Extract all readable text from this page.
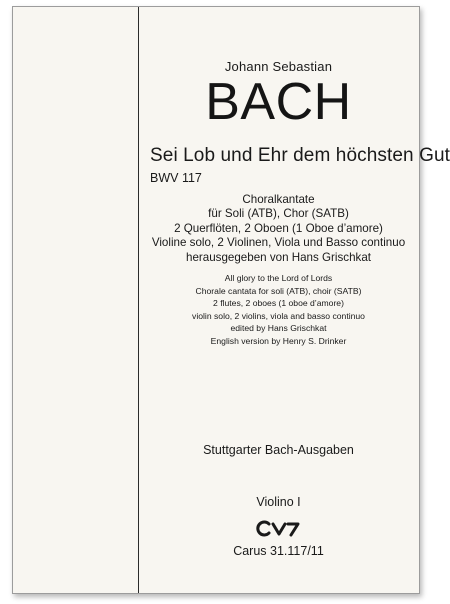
Johann Sebastian
BACH
Sei Lob und Ehr dem höchsten Gut
BWV 117
Choralkantate
für Soli (ATB), Chor (SATB)
2 Querflöten, 2 Oboen (1 Oboe d’amore)
Violine solo, 2 Violinen, Viola und Basso continuo
herausgegeben von Hans Grischkat
All glory to the Lord of Lords
Chorale cantata for soli (ATB), choir (SATB)
2 flutes, 2 oboes (1 oboe d’amore)
violin solo, 2 violins, viola and basso continuo
edited by Hans Grischkat
English version by Henry S. Drinker
Stuttgarter Bach-Ausgaben
Violino I
Carus 31.117/11
